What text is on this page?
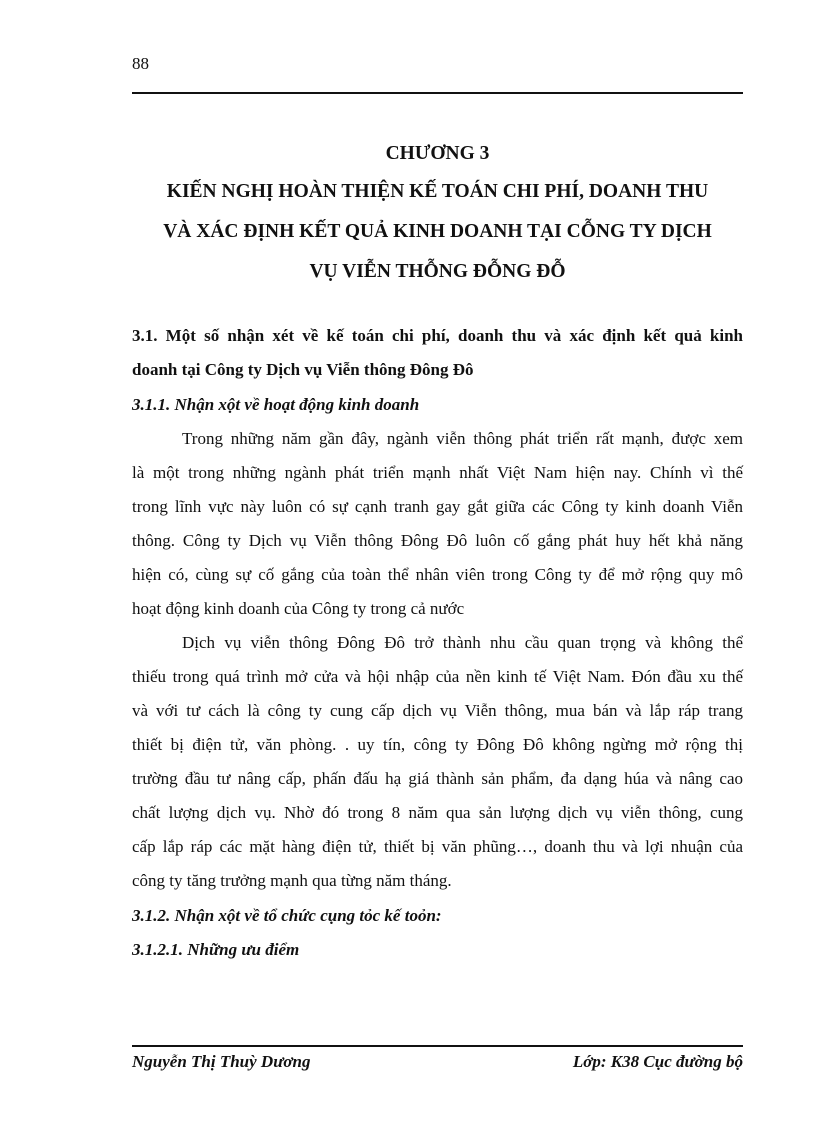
88
CHƯƠNG 3
KIẾN NGHỊ HOÀN THIỆN KẾ TOÁN CHI PHÍ, DOANH THU
VÀ XÁC ĐỊNH KẾT QUẢ KINH DOANH TẠI CỖNG TY DỊCH
VỤ VIỄN THỖNG ĐỖNG ĐỖ
3.1. Một số nhận xét về kế toán chi phí, doanh thu và xác định kết quả kinh
doanh tại Công ty Dịch vụ Viễn thông Đông Đô
3.1.1. Nhận xột về hoạt động kinh doanh
Trong những năm gần đây, ngành viễn thông phát triển rất mạnh, được xem
là một trong những ngành phát triển mạnh nhất Việt Nam hiện nay. Chính vì thế
trong lĩnh vực này luôn có sự cạnh tranh gay gắt giữa các Công ty kinh doanh Viễn
thông. Công ty Dịch vụ Viễn thông Đông Đô luôn cố gắng phát huy hết khả năng
hiện có, cùng sự cố gắng của toàn thể nhân viên trong Công ty để mở rộng quy mô
hoạt động kinh doanh của Công ty trong cả nước
Dịch vụ viễn thông Đông Đô trở thành nhu cầu quan trọng và không thể
thiếu trong quá trình mở cửa và hội nhập của nền kinh tế Việt Nam. Đón đầu xu thế
và với tư cách là công ty cung cấp dịch vụ Viễn thông, mua bán và lắp ráp trang
thiết bị điện tử, văn phòng. . uy tín, công ty Đông Đô không ngừng mở rộng thị
trường đầu tư nâng cấp, phấn đấu hạ giá thành sản phẩm, đa dạng húa và nâng cao
chất lượng dịch vụ. Nhờ đó trong 8 năm qua sản lượng dịch vụ viễn thông, cung
cấp lắp ráp các mặt hàng điện tử, thiết bị văn phũng…, doanh thu và lợi nhuận của
công ty tăng trưởng mạnh qua từng năm tháng.
3.1.2. Nhận xột về tổ chức cụng tỏc kế toỏn:
3.1.2.1. Những ưu điểm
Nguyễn Thị Thuỳ Dương	Lớp: K38 Cục đường bộ
